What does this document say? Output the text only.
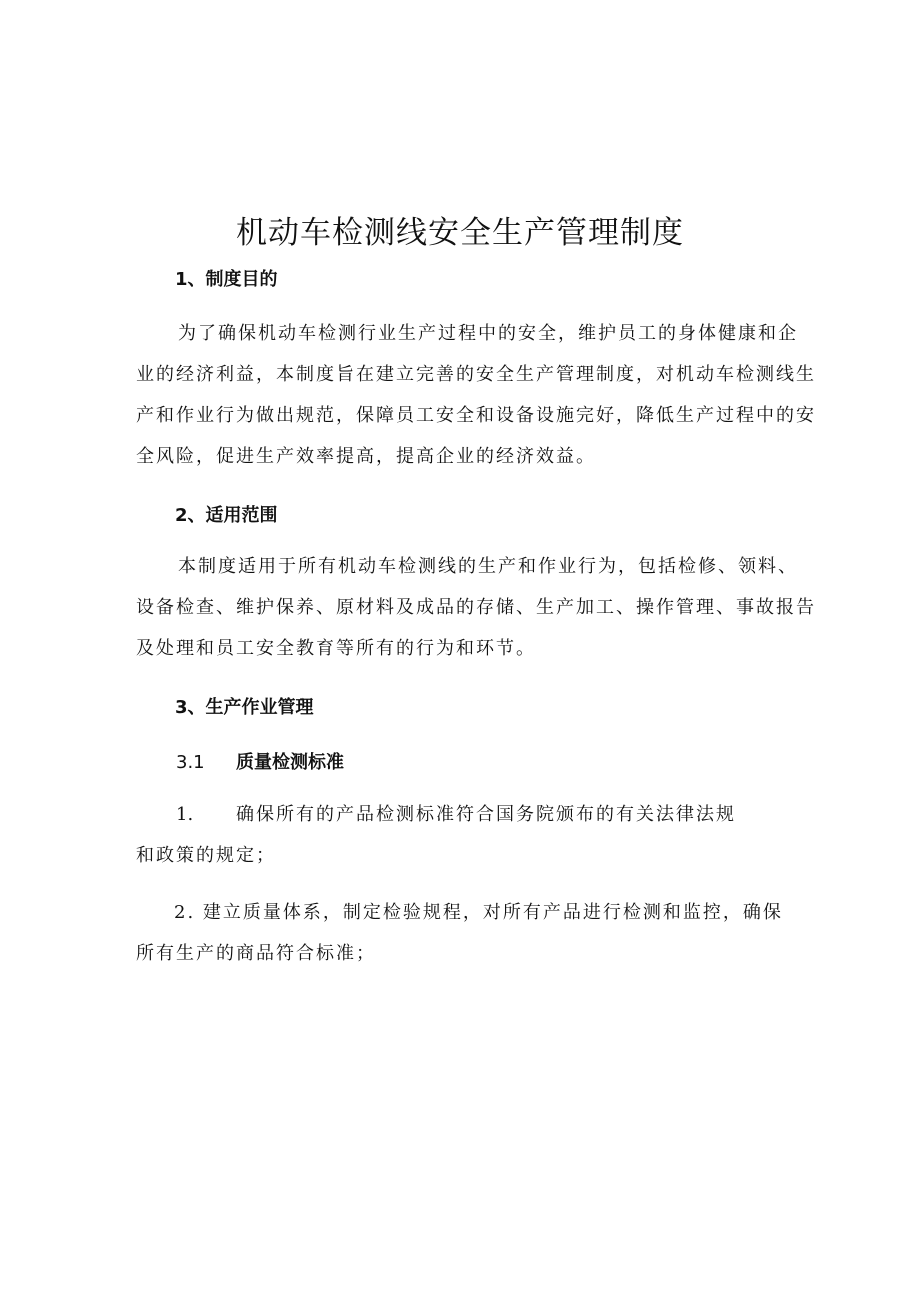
机动车检测线安全生产管理制度
1、制度目的
为了确保机动车检测行业生产过程中的安全，维护员工的身体健康和企业的经济利益，本制度旨在建立完善的安全生产管理制度，对机动车检测线生产和作业行为做出规范，保障员工安全和设备设施完好，降低生产过程中的安全风险，促进生产效率提高，提高企业的经济效益。
2、适用范围
本制度适用于所有机动车检测线的生产和作业行为，包括检修、领料、设备检查、维护保养、原材料及成品的存储、生产加工、操作管理、事故报告及处理和员工安全教育等所有的行为和环节。
3、生产作业管理
3.1 质量检测标准
1. 确保所有的产品检测标准符合国务院颁布的有关法律法规
和政策的规定；
2. 建立质量体系，制定检验规程，对所有产品进行检测和监控，确保
所有生产的商品符合标准；
